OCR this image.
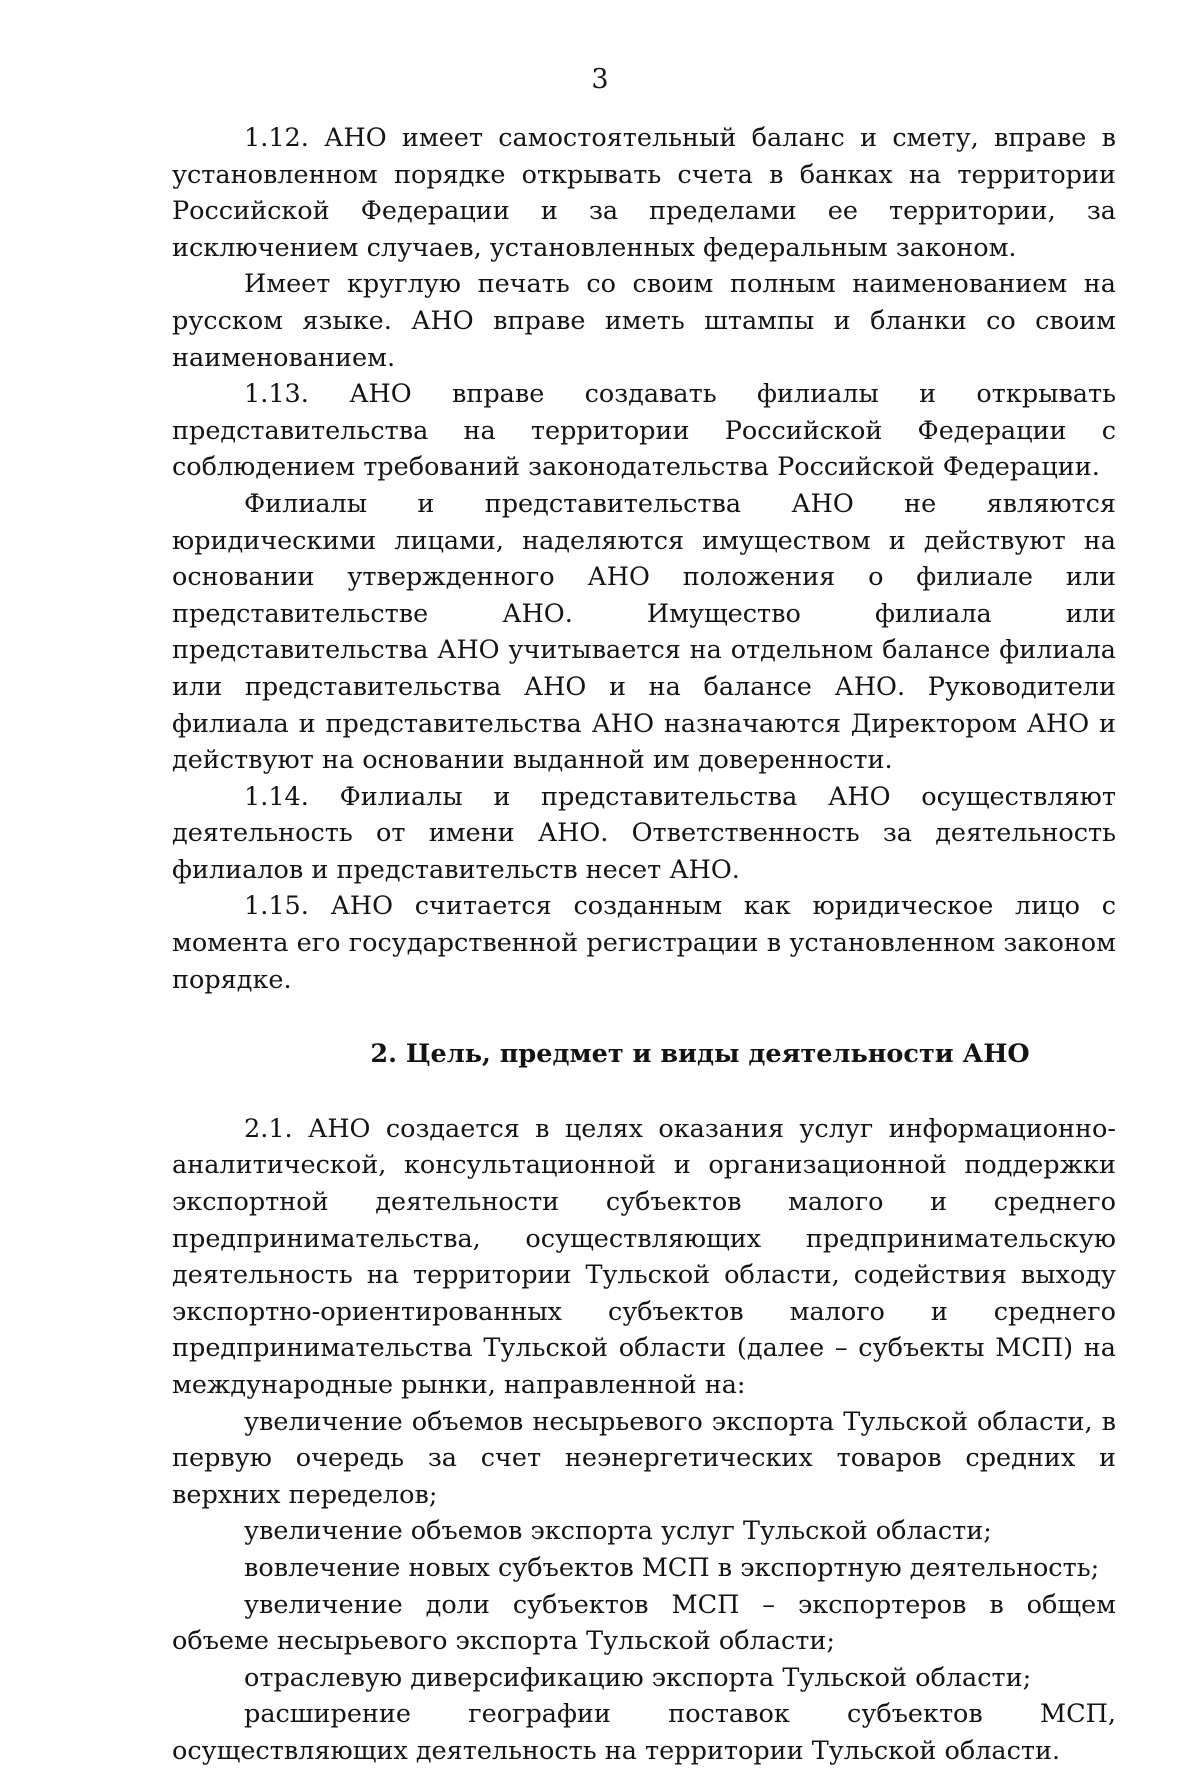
3

1.12. АНО имеет самостоятельный баланс и смету, вправе в установленном порядке открывать счета в банках на территории Российской Федерации и за пределами ее территории, за исключением случаев, установленных федеральным законом.

Имеет круглую печать со своим полным наименованием на русском языке. АНО вправе иметь штампы и бланки со своим наименованием.

1.13. АНО вправе создавать филиалы и открывать представительства на территории Российской Федерации с соблюдением требований законодательства Российской Федерации.

Филиалы и представительства АНО не являются юридическими лицами, наделяются имуществом и действуют на основании утвержденного АНО положения о филиале или представительстве АНО. Имущество филиала или представительства АНО учитывается на отдельном балансе филиала или представительства АНО и на балансе АНО. Руководители филиала и представительства АНО назначаются Директором АНО и действуют на основании выданной им доверенности.

1.14. Филиалы и представительства АНО осуществляют деятельность от имени АНО. Ответственность за деятельность филиалов и представительств несет АНО.

1.15. АНО считается созданным как юридическое лицо с момента его государственной регистрации в установленном законом порядке.

2. Цель, предмет и виды деятельности АНО

2.1. АНО создается в целях оказания услуг информационно-аналитической, консультационной и организационной поддержки экспортной деятельности субъектов малого и среднего предпринимательства, осуществляющих предпринимательскую деятельность на территории Тульской области, содействия выходу экспортно-ориентированных субъектов малого и среднего предпринимательства Тульской области (далее – субъекты МСП) на международные рынки, направленной на:

увеличение объемов несырьевого экспорта Тульской области, в первую очередь за счет неэнергетических товаров средних и верхних переделов;

увеличение объемов экспорта услуг Тульской области;

вовлечение новых субъектов МСП в экспортную деятельность;

увеличение доли субъектов МСП – экспортеров в общем объеме несырьевого экспорта Тульской области;

отраслевую диверсификацию экспорта Тульской области;

расширение географии поставок субъектов МСП, осуществляющих деятельность на территории Тульской области.
